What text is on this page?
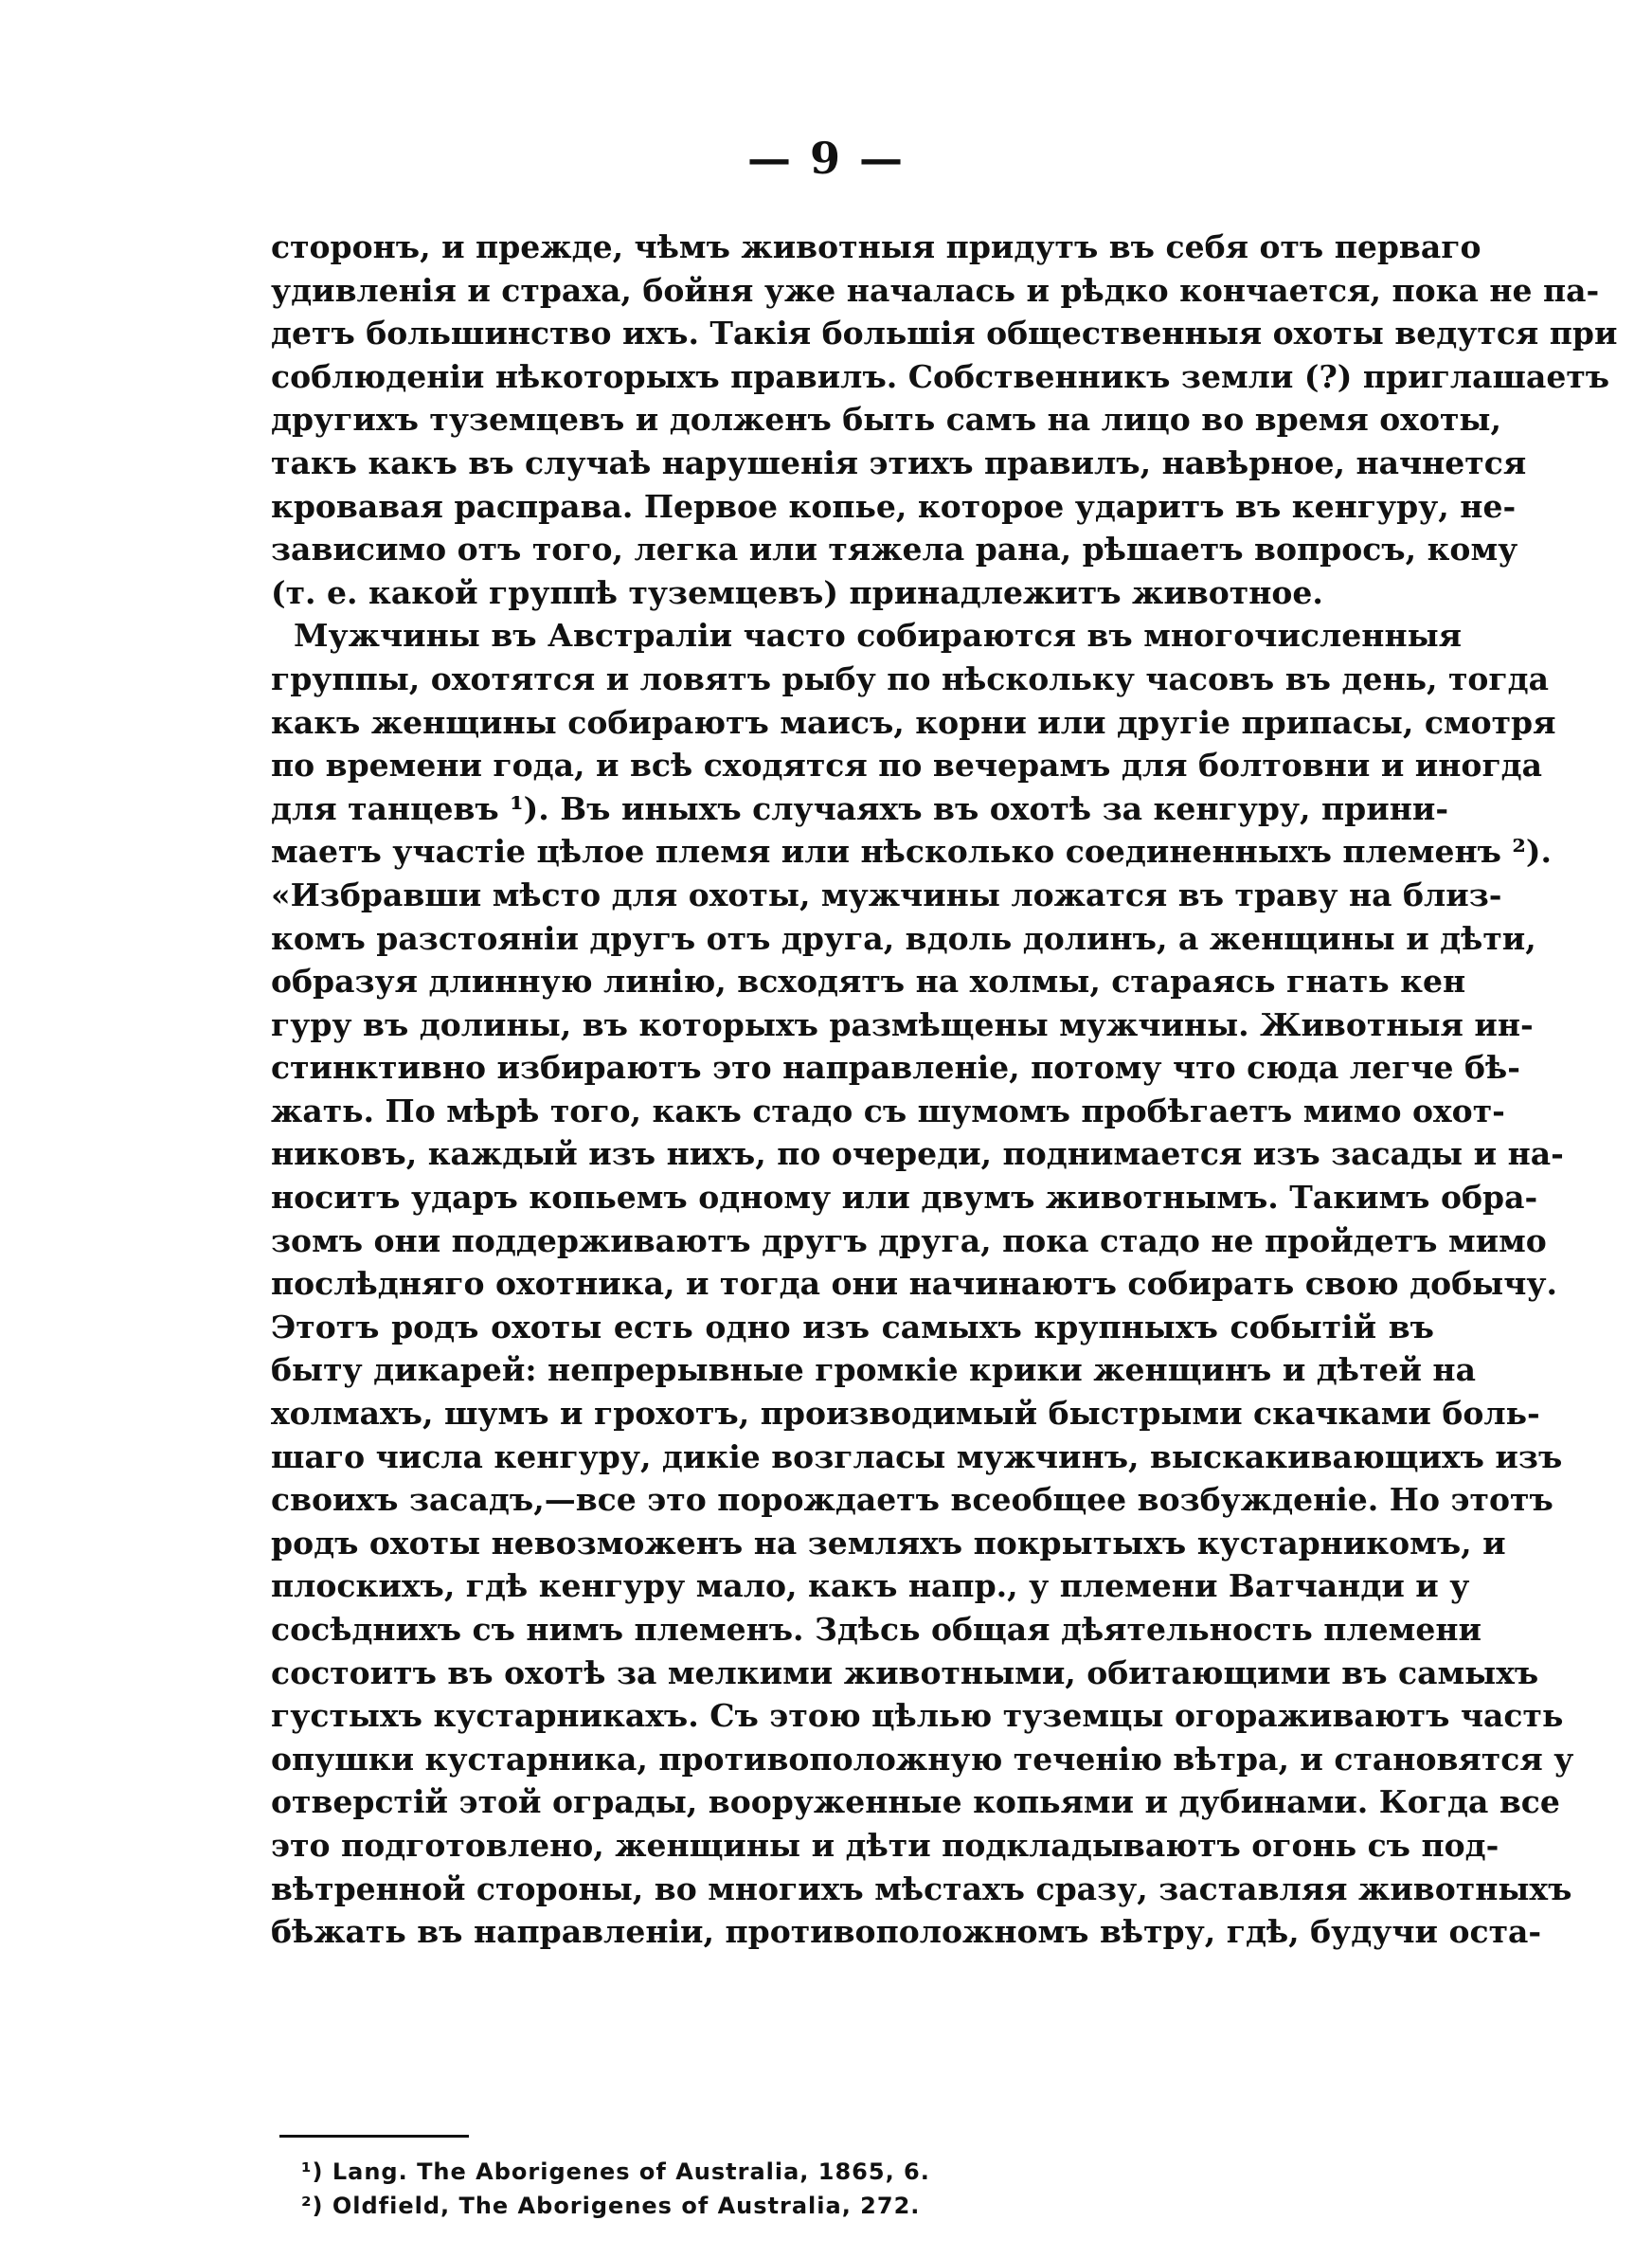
— 9 —
сторонъ, и прежде, чѣмъ животныя придутъ въ себя отъ перваго
удивленія и страха, бойня уже началась и рѣдко кончается, пока не па-
детъ большинство ихъ. Такія большія общественныя охоты ведутся при
соблюденіи нѣкоторыхъ правилъ. Собственникъ земли (?) приглашаетъ
другихъ туземцевъ и долженъ быть самъ на лицо во время охоты,
такъ какъ въ случаѣ нарушенія этихъ правилъ, навѣрное, начнется
кровавая расправа. Первое копье, которое ударитъ въ кенгуру, не-
зависимо отъ того, легка или тяжела рана, рѣшаетъ вопросъ, кому
(т. е. какой группѣ туземцевъ) принадлежитъ животное.
Мужчины въ Австраліи часто собираются въ многочисленныя
группы, охотятся и ловятъ рыбу по нѣскольку часовъ въ день, тогда
какъ женщины собираютъ маисъ, корни или другіе припасы, смотря
по времени года, и всѣ сходятся по вечерамъ для болтовни и иногда
для танцевъ ¹). Въ иныхъ случаяхъ въ охотѣ за кенгуру, прини-
маетъ участіе цѣлое племя или нѣсколько соединенныхъ племенъ ²).
«Избравши мѣсто для охоты, мужчины ложатся въ траву на близ-
комъ разстояніи другъ отъ друга, вдоль долинъ, а женщины и дѣти,
образуя длинную линію, всходятъ на холмы, стараясь гнать кен
гуру въ долины, въ которыхъ размѣщены мужчины. Животныя ин-
стинктивно избираютъ это направленіе, потому что сюда легче бѣ-
жать. По мѣрѣ того, какъ стадо съ шумомъ пробѣгаетъ мимо охот-
никовъ, каждый изъ нихъ, по очереди, поднимается изъ засады и на-
носитъ ударъ копьемъ одному или двумъ животнымъ. Такимъ обра-
зомъ они поддерживаютъ другъ друга, пока стадо не пройдетъ мимо
послѣдняго охотника, и тогда они начинаютъ собирать свою добычу.
Этотъ родъ охоты есть одно изъ самыхъ крупныхъ событій въ
быту дикарей: непрерывные громкіе крики женщинъ и дѣтей на
холмахъ, шумъ и грохотъ, производимый быстрыми скачками боль-
шаго числа кенгуру, дикіе возгласы мужчинъ, выскакивающихъ изъ
своихъ засадъ,—все это порождаетъ всеобщее возбужденіе. Но этотъ
родъ охоты невозможенъ на земляхъ покрытыхъ кустарникомъ, и
плоскихъ, гдѣ кенгуру мало, какъ напр., у племени Ватчанди и у
сосѣднихъ съ нимъ племенъ. Здѣсь общая дѣятельность племени
состоитъ въ охотѣ за мелкими животными, обитающими въ самыхъ
густыхъ кустарникахъ. Съ этою цѣлью туземцы огораживаютъ часть
опушки кустарника, противоположную теченію вѣтра, и становятся у
отверстій этой ограды, вооруженные копьями и дубинами. Когда все
это подготовлено, женщины и дѣти подкладываютъ огонь съ под-
вѣтренной стороны, во многихъ мѣстахъ сразу, заставляя животныхъ
бѣжать въ направленіи, противоположномъ вѣтру, гдѣ, будучи оста-
¹) Lang. The Aborigenes of Australia, 1865, 6.
²) Oldfield, The Aborigenes of Australia, 272.
